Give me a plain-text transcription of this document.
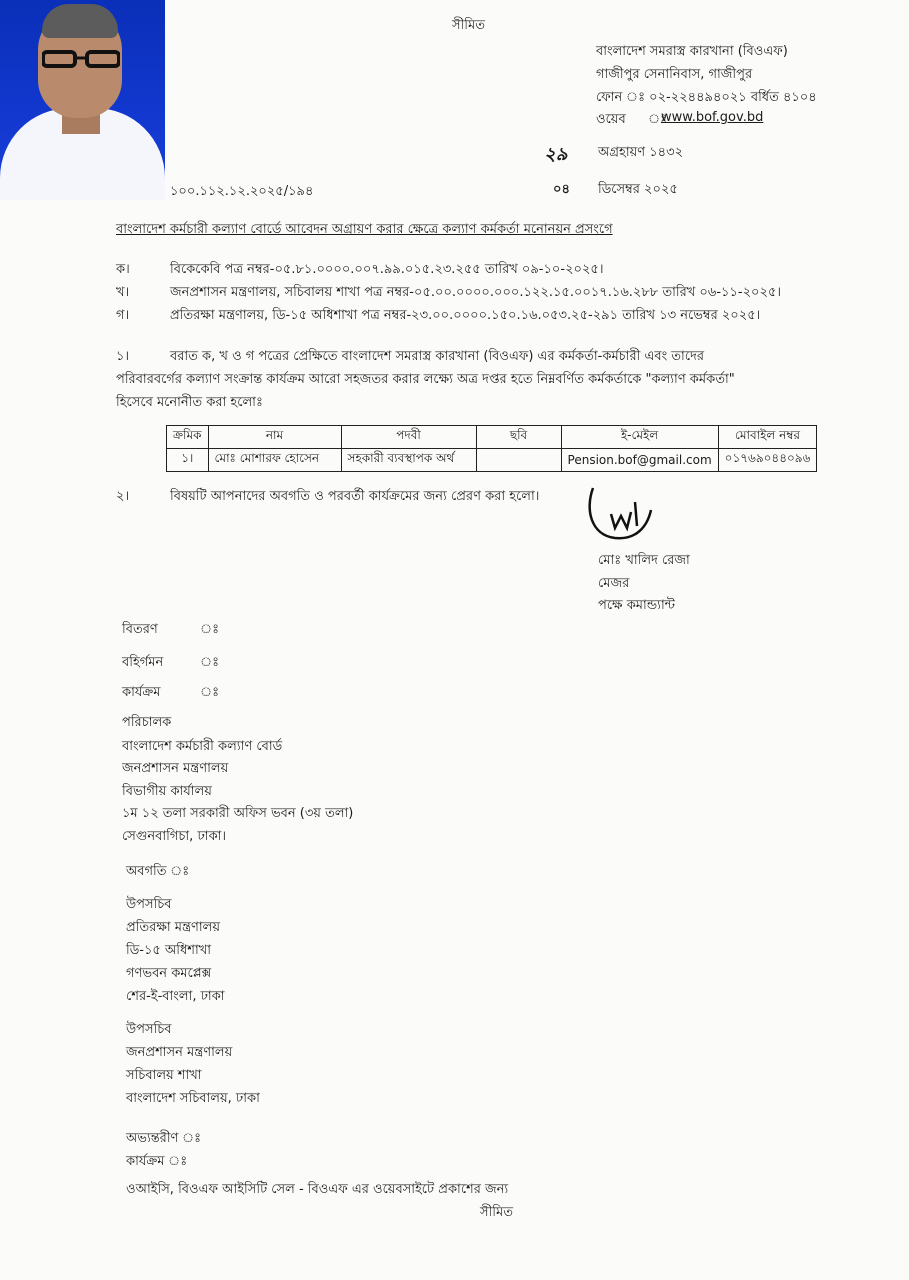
সীমিত
বাংলাদেশ সমরাস্ত্র কারখানা (বিওএফ)
গাজীপুর সেনানিবাস, গাজীপুর
ফোন ঃ ০২-২২৪৪৯৪০২১ বর্ধিত ৪১০৪
ওয়েব ঃ
www.bof.gov.bd
২৯ অগ্রহায়ণ ১৪৩২
০৪ ডিসেম্বর ২০২৫
১০০.১১২.১২.২০২৫/১৯৪
বাংলাদেশ কর্মচারী কল্যাণ বোর্ডে আবেদন অগ্রায়ণ করার ক্ষেত্রে কল্যাণ কর্মকর্তা মনোনয়ন প্রসংগে
ক।	বিকেকেবি পত্র নম্বর-০৫.৮১.০০০০.০০৭.৯৯.০১৫.২৩.২৫৫ তারিখ ০৯-১০-২০২৫।
খ।	জনপ্রশাসন মন্ত্রণালয়, সচিবালয় শাখা পত্র নম্বর-০৫.০০.০০০০.০০০.১২২.১৫.০০১৭.১৬.২৮৮ তারিখ ০৬-১১-২০২৫।
গ।	প্রতিরক্ষা মন্ত্রণালয়, ডি-১৫ অধিশাখা পত্র নম্বর-২৩.০০.০০০০.১৫০.১৬.০৫৩.২৫-২৯১ তারিখ ১৩ নভেম্বর ২০২৫।
১।	বরাত ক, খ ও গ পত্রের প্রেক্ষিতে বাংলাদেশ সমরাস্ত্র কারখানা (বিওএফ) এর কর্মকর্তা-কর্মচারী এবং তাদের
পরিবারবর্গের কল্যাণ সংক্রান্ত কার্যক্রম আরো সহজতর করার লক্ষ্যে অত্র দপ্তর হতে নিম্নবর্ণিত কর্মকর্তাকে "কল্যাণ কর্মকর্তা"
হিসেবে মনোনীত করা হলোঃ
ক্রমিক	নাম	পদবী	ছবি	ই-মেইল	মোবাইল নম্বর
১।	মোঃ মোশারফ হোসেন	সহকারী ব্যবস্থাপক অর্থ		Pension.bof@gmail.com	০১৭৬৯০৪৪০৯৬
২।	বিষয়টি আপনাদের অবগতি ও পরবর্তী কার্যক্রমের জন্য প্রেরণ করা হলো।
মোঃ খালিদ রেজা
মেজর
পক্ষে কমান্ড্যান্ট
বিতরণ	ঃ
বহির্গমন	ঃ
কার্যক্রম	ঃ
পরিচালক
বাংলাদেশ কর্মচারী কল্যাণ বোর্ড
জনপ্রশাসন মন্ত্রণালয়
বিভাগীয় কার্যালয়
১ম ১২ তলা সরকারী অফিস ভবন (৩য় তলা)
সেগুনবাগিচা, ঢাকা।
অবগতি ঃ
উপসচিব
প্রতিরক্ষা মন্ত্রণালয়
ডি-১৫ অধিশাখা
গণভবন কমপ্লেক্স
শের-ই-বাংলা, ঢাকা
উপসচিব
জনপ্রশাসন মন্ত্রণালয়
সচিবালয় শাখা
বাংলাদেশ সচিবালয়, ঢাকা
অভ্যন্তরীণ ঃ
কার্যক্রম ঃ
ওআইসি, বিওএফ আইসিটি সেল - বিওএফ এর ওয়েবসাইটে প্রকাশের জন্য
সীমিত
